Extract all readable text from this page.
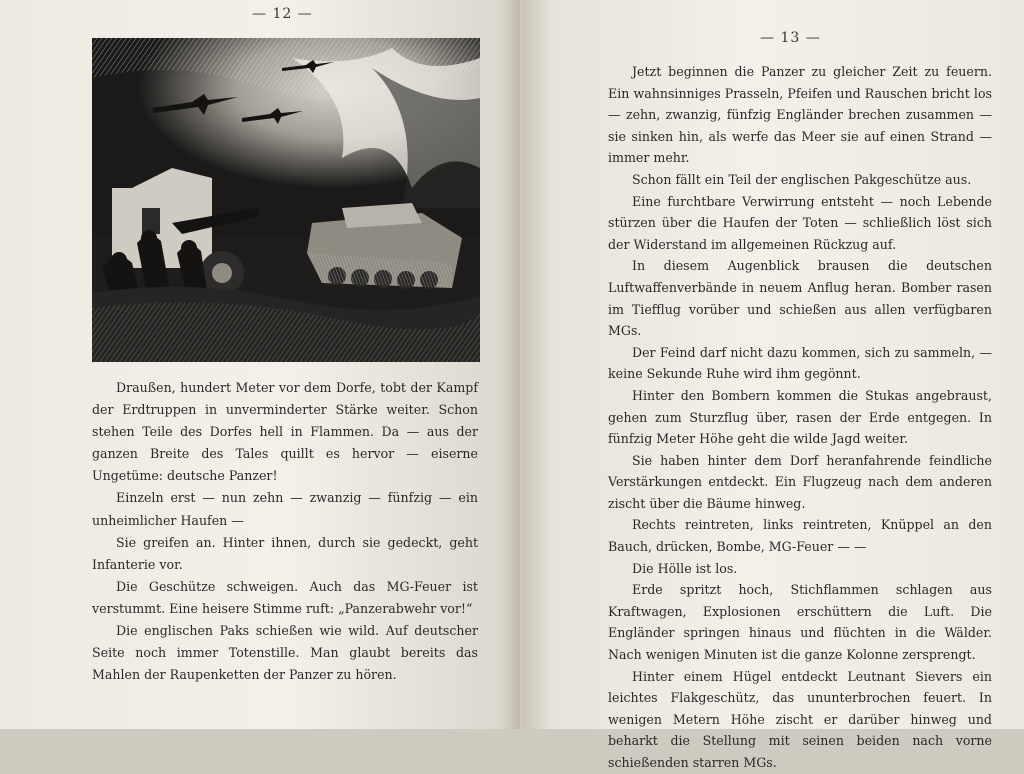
— 12 —

Draußen, hundert Meter vor dem Dorfe, tobt der Kampf der Erdtruppen in unverminderter Stärke weiter. Schon stehen Teile des Dorfes hell in Flammen. Da — aus der ganzen Breite des Tales quillt es hervor — eiserne Ungetüme: deutsche Panzer!

Einzeln erst — nun zehn — zwanzig — fünfzig — ein unheimlicher Haufen —

Sie greifen an. Hinter ihnen, durch sie gedeckt, geht Infanterie vor.

Die Geschütze schweigen. Auch das MG-Feuer ist verstummt. Eine heisere Stimme ruft: „Panzerabwehr vor!“

Die englischen Paks schießen wie wild. Auf deutscher Seite noch immer Totenstille. Man glaubt bereits das Mahlen der Raupenketten der Panzer zu hören.

— 13 —

Jetzt beginnen die Panzer zu gleicher Zeit zu feuern. Ein wahnsinniges Prasseln, Pfeifen und Rauschen bricht los — zehn, zwanzig, fünfzig Engländer brechen zusammen — sie sinken hin, als werfe das Meer sie auf einen Strand — immer mehr.

Schon fällt ein Teil der englischen Pakgeschütze aus.

Eine furchtbare Verwirrung entsteht — noch Lebende stürzen über die Haufen der Toten — schließlich löst sich der Widerstand im allgemeinen Rückzug auf.

In diesem Augenblick brausen die deutschen Luftwaffenverbände in neuem Anflug heran. Bomber rasen im Tiefflug vorüber und schießen aus allen verfügbaren MGs.

Der Feind darf nicht dazu kommen, sich zu sammeln, — keine Sekunde Ruhe wird ihm gegönnt.

Hinter den Bombern kommen die Stukas angebraust, gehen zum Sturzflug über, rasen der Erde entgegen. In fünfzig Meter Höhe geht die wilde Jagd weiter.

Sie haben hinter dem Dorf heranfahrende feindliche Verstärkungen entdeckt. Ein Flugzeug nach dem anderen zischt über die Bäume hinweg.

Rechts reintreten, links reintreten, Knüppel an den Bauch, drücken, Bombe, MG-Feuer — —

Die Hölle ist los.

Erde spritzt hoch, Stichflammen schlagen aus Kraftwagen, Explosionen erschüttern die Luft. Die Engländer springen hinaus und flüchten in die Wälder. Nach wenigen Minuten ist die ganze Kolonne zersprengt.

Hinter einem Hügel entdeckt Leutnant Sievers ein leichtes Flakgeschütz, das ununterbrochen feuert. In wenigen Metern Höhe zischt er darüber hinweg und beharkt die Stellung mit seinen beiden nach vorne schießenden starren MGs.
